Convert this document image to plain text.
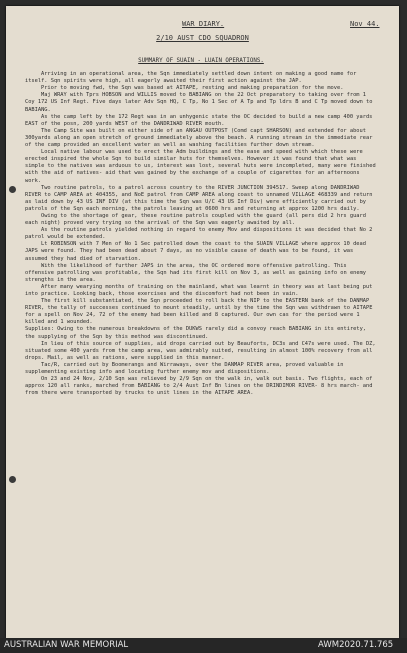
WAR DIARY.	Nov 44.
2/10 AUST CDO SQUADRON

SUMMARY OF SUAIN - LUAIN OPERATIONS.

Arriving in an operational area, the Sqn immediately settled down intent on making a good name for itself. Sqn spirits were high, all eagerly awaited their first action against the JAP.

Prior to moving fwd, the Sqn was based at AITAPE, resting and making preparation for the move.

Maj WRAY with Tprs HOBSON and WILLIS moved to BABIANG on the 22 Oct preparatory to taking over from 1 Coy 172 US Inf Regt. Five days later Adv Sqn HQ, C Tp, No 1 Sec of A Tp and Tp ldrs B and C Tp moved down to BABIANG.

As the camp left by the 172 Regt was in an unhygenic state the OC decided to build a new camp 400 yards EAST of the posn, 200 yards WEST of the DANDRIWAD RIVER mouth.

The Camp Site was built on either side of an ANGAU OUTPOST (Comd capt SHARSON) and extended for about 300yards along an open stretch of ground immediately above the beach. A running stream in the immediate rear of the camp provided an excellent water as well as washing facilities further down stream.

Local native labour was used to erect the Adm buildings and the ease and speed with which these were erected inspired the whole Sqn to build similar huts for themselves. However it was found that what was simple to the natives was arduous to us, interest was lost, several huts were incompleted, many were finished with the aid of natives- aid that was gained by the exchange of a couple of cigarettes for an afternoons work.

Two routine patrols, to a patrol across country to the RIVER JUNCTION 394517. Sweep along DANDRIWAD RIVER to CAMP AREA at 404355, and NoE patrol from CAMP AREA along coast to unnamed VILLAGE 468339 and return as laid down by 43 US INF DIV (at this time the Sqn was U/C 43 US Inf Div) were efficiently carried out by patrols of the Sqn each morning, the patrols leaving at 0600 hrs and returning at approx 1200 hrs daily.

Owing to the shortage of gear, these routine patrols coupled with the guard (all pers did 2 hrs guard each night) proved very trying so the arrival of the Sqn was eagerly awaited by all.

As the routine patrols yielded nothing in regard to enemy Mov and dispositions it was decided that No 2 patrol would be extended.

Lt ROBINSON with 7 Men of No 1 Sec patrolled down the coast to the SUAIN VILLAGE where approx 10 dead JAPS were found. They had been dead about 7 days, as no visible cause of death was to be found, it was assumed they had died of starvation.

With the likelihood of further JAPS in the area, the OC ordered more offensive patrolling. This offensive patrolling was profitable, the Sqn had its first kill on Nov 3, as well as gaining info on enemy strengths in the area.

After many wearying months of training on the mainland, what was learnt in theory was at last being put into practice. Looking back, those exercises and the discomfort had not been in vain.

The first kill substantiated, the Sqn proceeded to roll back the NIP to the EASTERN bank of the DANMAP RIVER, the tally of successes continued to mount steadily, until by the time the Sqn was withdrawn to AITAPE for a spell on Nov 24, 72 of the enemy had been killed and 8 captured. Our own cas for the period were 1 killed and 1 wounded.

Supplies: Owing to the numerous breakdowns of the DUKWS rarely did a convoy reach BABIANG in its entirety, the supplying of the Sqn by this method was discontinued.

In lieu of this source of supplies, aid drops carried out by Beauforts, DC3s and C47s were used. The DZ, situated some 400 yards from the camp area, was admirably suited, resulting in almost 100% recovery from all drops. Mail, as well as rations, were supplied in this manner.

Tac/R, carried out by Boomerangs and Wirraways, over the DANMAP RIVER area, proved valuable in supplementing existing info and locating further enemy mov and dispositions.

On 23 and 24 Nov, 2/10 Sqn was relieved by 2/9 Sqn on the walk in, walk out basis. Two flights, each of approx 120 all ranks, marched from BABIANG to 2/4 Aust Inf Bn lines on the DRINDIMOR RIVER- 8 hrs march- and from there were transported by trucks to unit lines in the AITAPE AREA.

AUSTRALIAN WAR MEMORIAL	AWM2020.71.765
